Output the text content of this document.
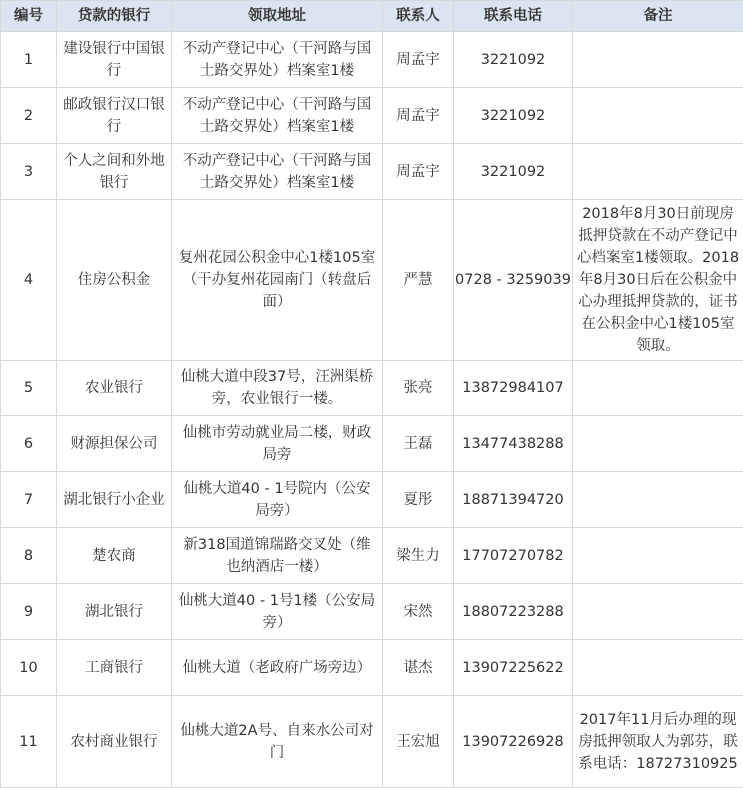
编号	贷款的银行	领取地址	联系人	联系电话	备注
1	建设银行中国银行	不动产登记中心（干河路与国土路交界处）档案室1楼	周孟宇	3221092	
2	邮政银行汉口银行	不动产登记中心（干河路与国土路交界处）档案室1楼	周孟宇	3221092	
3	个人之间和外地银行	不动产登记中心（干河路与国土路交界处）档案室1楼	周孟宇	3221092	
4	住房公积金	复州花园公积金中心1楼105室（干办复州花园南门（转盘后面）	严慧	0728 - 3259039	2018年8月30日前现房抵押贷款在不动产登记中心档案室1楼领取。2018年8月30日后在公积金中心办理抵押贷款的，证书在公积金中心1楼105室领取。
5	农业银行	仙桃大道中段37号，汪洲渠桥旁，农业银行一楼。	张亮	13872984107	
6	财源担保公司	仙桃市劳动就业局二楼，财政局旁	王磊	13477438288	
7	湖北银行小企业	仙桃大道40 - 1号院内（公安局旁）	夏彤	18871394720	
8	楚农商	新318国道锦瑞路交叉处（维也纳酒店一楼）	梁生力	17707270782	
9	湖北银行	仙桃大道40 - 1号1楼（公安局旁）	宋然	18807223288	
10	工商银行	仙桃大道（老政府广场旁边）	谌杰	13907225622	
11	农村商业银行	仙桃大道2A号、自来水公司对门	王宏旭	13907226928	2017年11月后办理的现房抵押领取人为郭芬，联系电话：18727310925
